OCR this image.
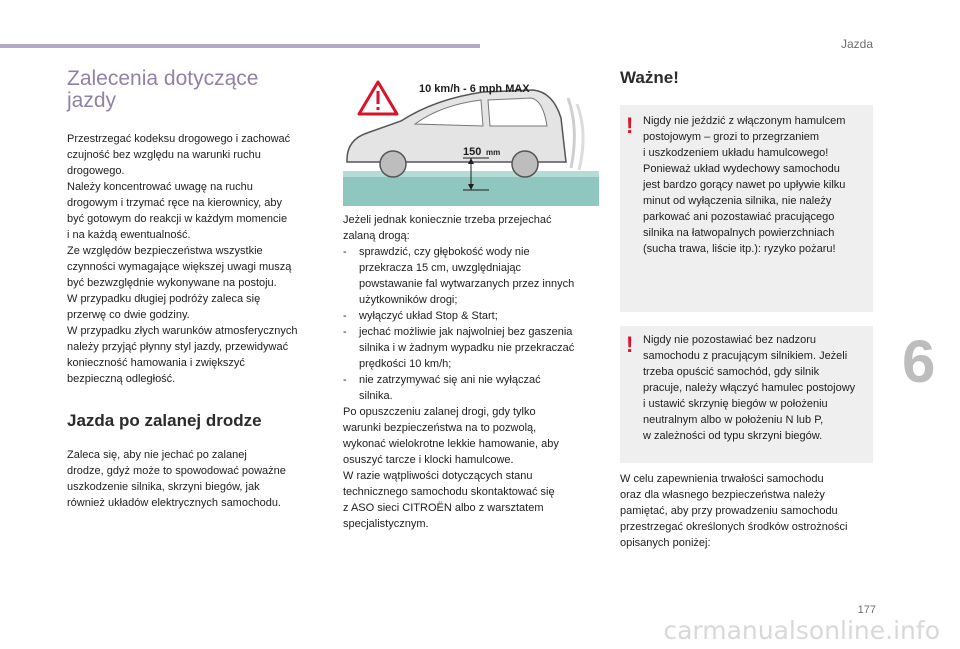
Jazda
Zalecenia dotyczące
jazdy
Przestrzegać kodeksu drogowego i zachować
czujność bez względu na warunki ruchu
drogowego.
Należy koncentrować uwagę na ruchu
drogowym i trzymać ręce na kierownicy, aby
być gotowym do reakcji w każdym momencie
i na każdą ewentualność.
Ze względów bezpieczeństwa wszystkie
czynności wymagające większej uwagi muszą
być bezwzględnie wykonywane na postoju.
W przypadku długiej podróży zaleca się
przerwę co dwie godziny.
W przypadku złych warunków atmosferycznych
należy przyjąć płynny styl jazdy, przewidywać
konieczność hamowania i zwiększyć
bezpieczną odległość.
Jazda po zalanej drodze
Zaleca się, aby nie jechać po zalanej
drodze, gdyż może to spowodować poważne
uszkodzenie silnika, skrzyni biegów, jak
również układów elektrycznych samochodu.
10 km/h - 6 mph MAX
150 mm
Jeżeli jednak koniecznie trzeba przejechać
zalaną drogą:
- sprawdzić, czy głębokość wody nie
przekracza 15 cm, uwzględniając
powstawanie fal wytwarzanych przez innych
użytkowników drogi;
- wyłączyć układ Stop & Start;
- jechać możliwie jak najwolniej bez gaszenia
silnika i w żadnym wypadku nie przekraczać
prędkości 10 km/h;
- nie zatrzymywać się ani nie wyłączać
silnika.
Po opuszczeniu zalanej drogi, gdy tylko
warunki bezpieczeństwa na to pozwolą,
wykonać wielokrotne lekkie hamowanie, aby
osuszyć tarcze i klocki hamulcowe.
W razie wątpliwości dotyczących stanu
technicznego samochodu skontaktować się
z ASO sieci CITROËN albo z warsztatem
specjalistycznym.
Ważne!
! Nigdy nie jeździć z włączonym hamulcem
postojowym – grozi to przegrzaniem
i uszkodzeniem układu hamulcowego!
Ponieważ układ wydechowy samochodu
jest bardzo gorący nawet po upływie kilku
minut od wyłączenia silnika, nie należy
parkować ani pozostawiać pracującego
silnika na łatwopalnych powierzchniach
(sucha trawa, liście itp.): ryzyko pożaru!
! Nigdy nie pozostawiać bez nadzoru
samochodu z pracującym silnikiem. Jeżeli
trzeba opuścić samochód, gdy silnik
pracuje, należy włączyć hamulec postojowy
i ustawić skrzynię biegów w położeniu
neutralnym albo w położeniu N lub P,
w zależności od typu skrzyni biegów.
W celu zapewnienia trwałości samochodu
oraz dla własnego bezpieczeństwa należy
pamiętać, aby przy prowadzeniu samochodu
przestrzegać określonych środków ostrożności
opisanych poniżej:
6
177
carmanualsonline.info
